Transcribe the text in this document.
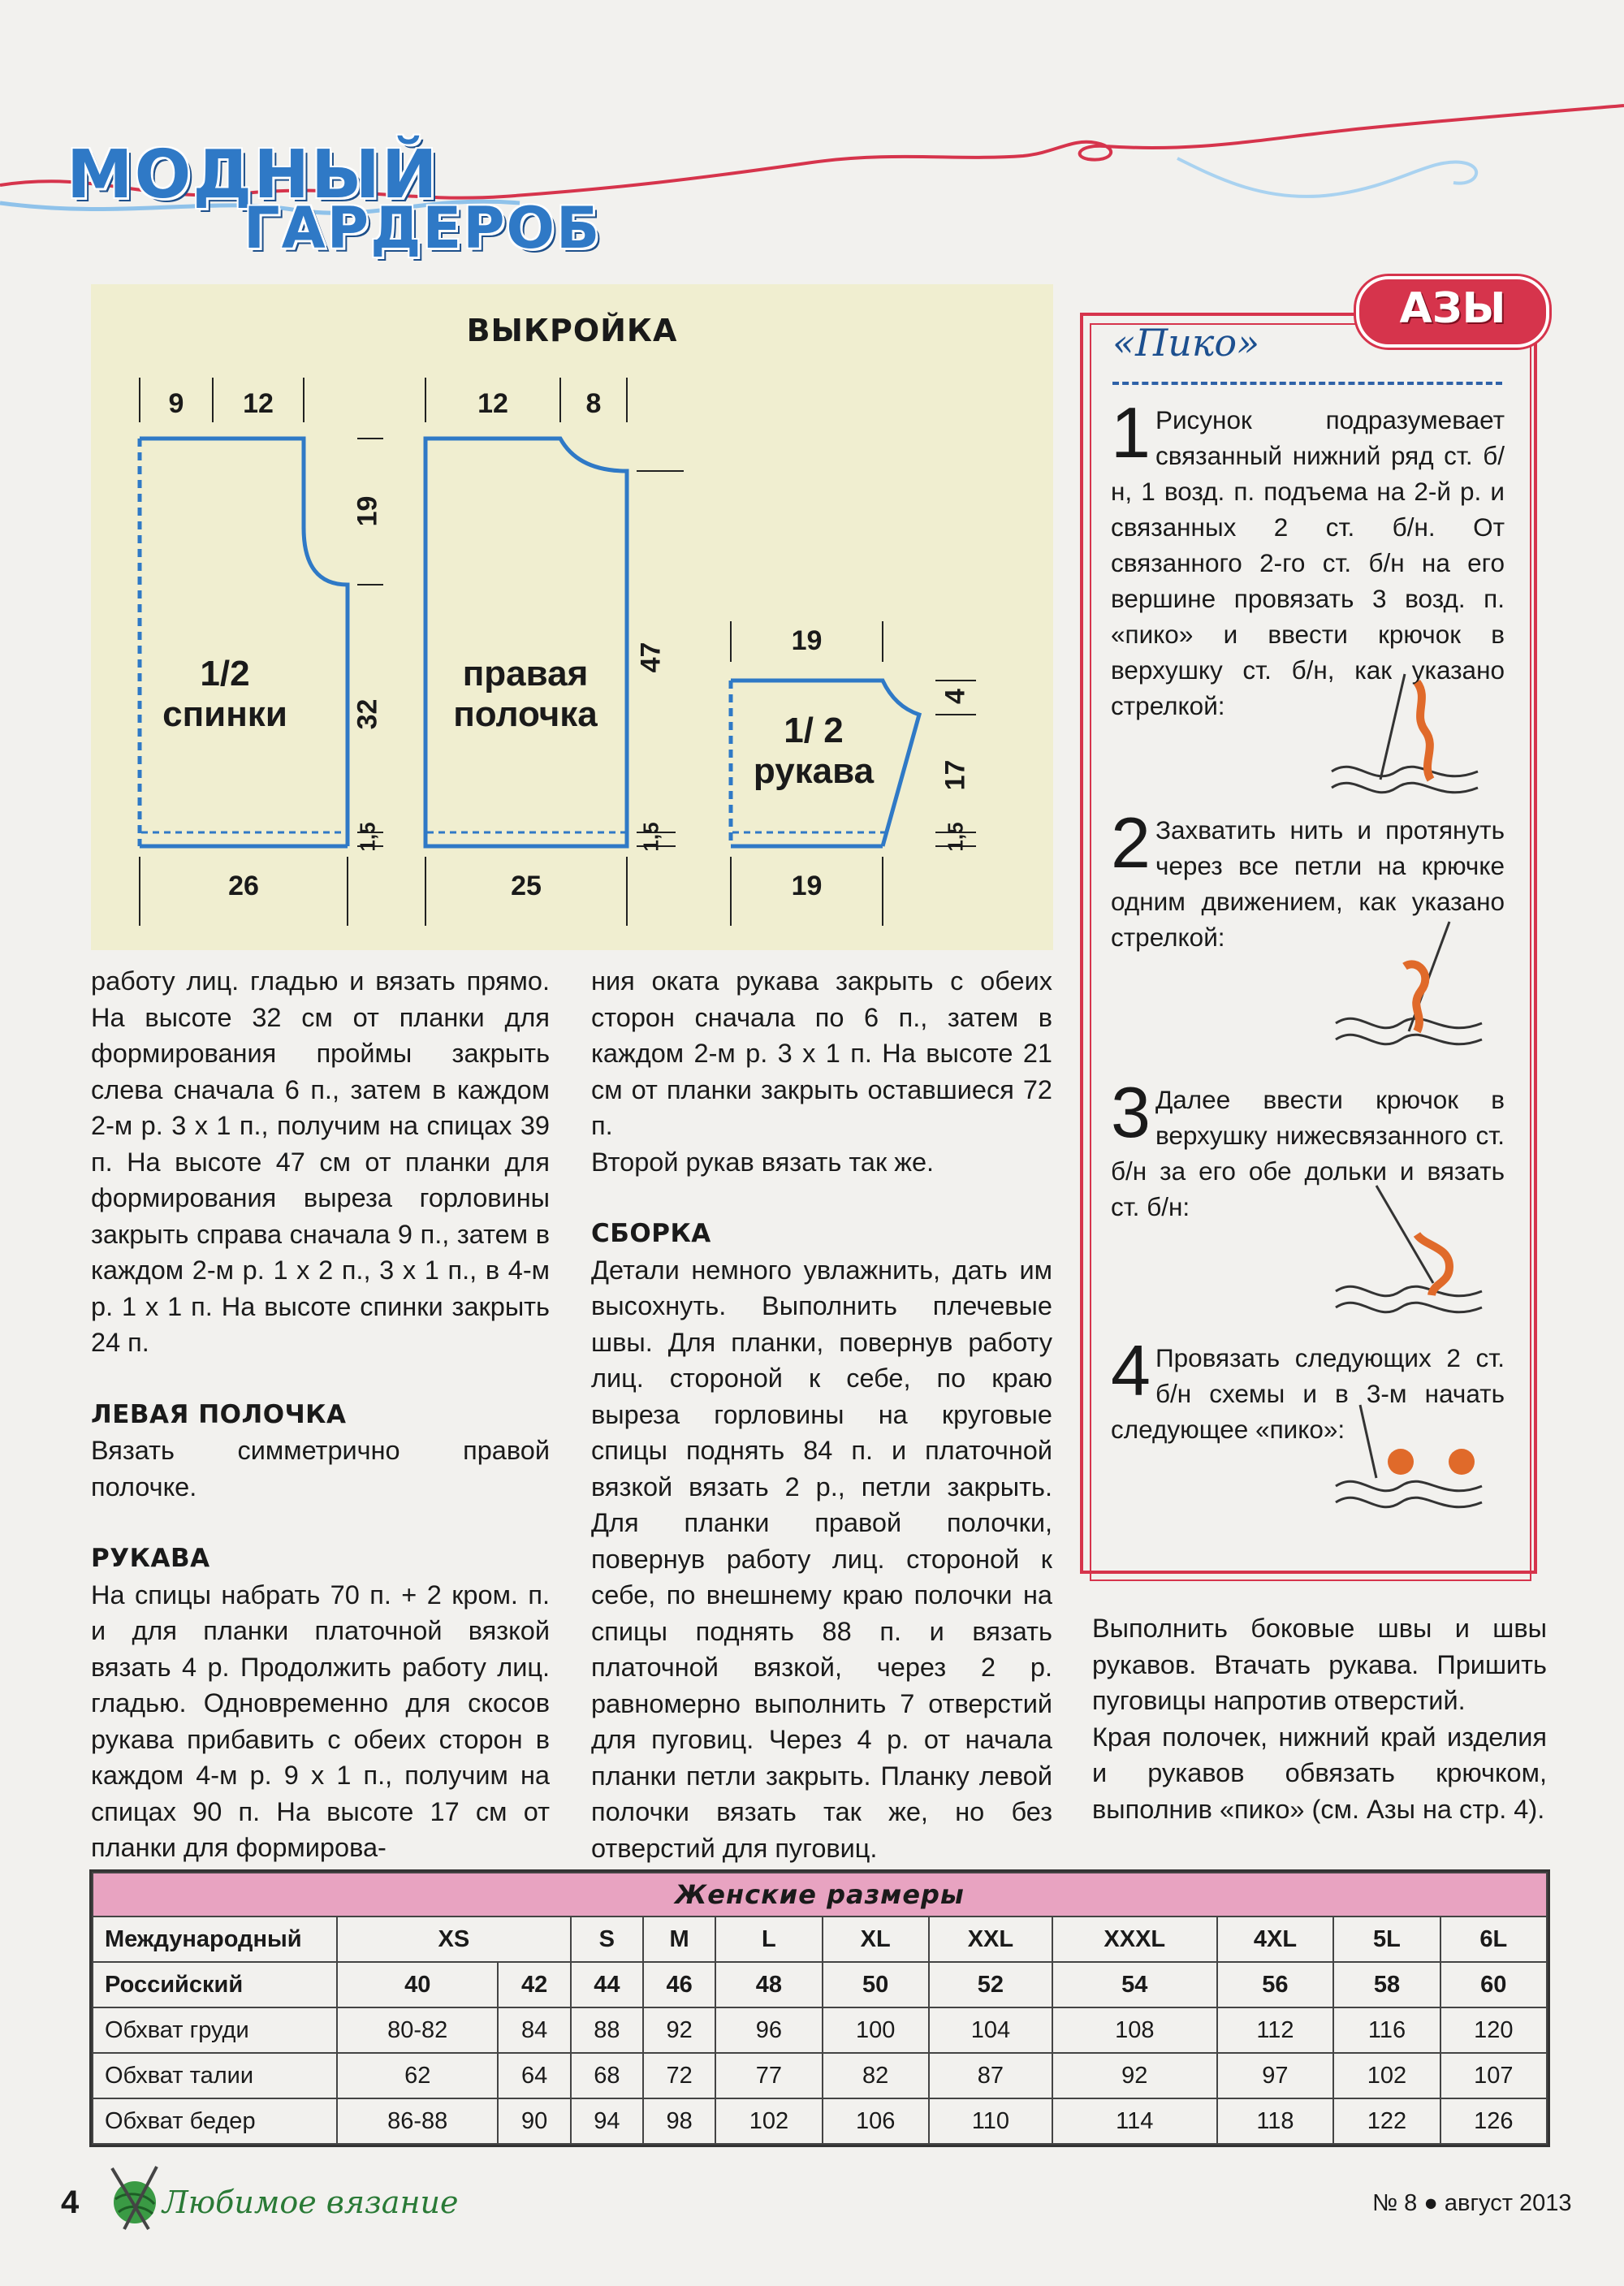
МОДНЫЙ
ГАРДЕРОБ
ВЫКРОЙКА
9	12
19
32
1,5
26
1/2
спинки
12	8
47
1,5
25
правая
полочка
19
4
17
1,5
19
1/ 2
рукава

работу лиц. гладью и вязать прямо. На высоте 32 см от планки для формирования проймы закрыть слева сначала 6 п., затем в каждом 2-м р. 3 х 1 п., получим на спицах 39 п. На высоте 47 см от планки для формирования выреза горловины закрыть справа сначала 9 п., затем в каждом 2-м р. 1 х 2 п., 3 х 1 п., в 4-м р. 1 х 1 п. На высоте спинки закрыть 24 п.

ЛЕВАЯ ПОЛОЧКА

Вязать симметрично правой полочке.

РУКАВА

На спицы набрать 70 п. + 2 кром. п. и для планки платочной вязкой вязать 4 р. Продолжить работу лиц. гладью. Одновременно для скосов рукава прибавить с обеих сторон в каждом 4-м р. 9 х 1 п., получим на спицах 90 п. На высоте 17 см от планки для формирова-

ния оката рукава закрыть с обеих сторон сначала по 6 п., затем в каждом 2-м р. 3 х 1 п. На высоте 21 см от планки закрыть оставшиеся 72 п.

Второй рукав вязать так же.

СБОРКА

Детали немного увлажнить, дать им высохнуть. Выполнить плечевые швы. Для планки, повернув работу лиц. стороной к себе, по краю выреза горловины на круговые спицы поднять 84 п. и платочной вязкой вязать 2 р., петли закрыть. Для планки правой полочки, повернув работу лиц. стороной к себе, по внешнему краю полочки на спицы поднять 88 п. и вязать платочной вязкой, через 2 р. равномерно выполнить 7 отверстий для пуговиц. Через 4 р. от начала планки петли закрыть. Планку левой полочки вязать так же, но без отверстий для пуговиц.

АЗЫ
«Пико»
1 Рисунок подразумевает связанный нижний ряд ст. б/н, 1 возд. п. подъема на 2-й р. и связанных 2 ст. б/н. От связанного 2-го ст. б/н на его вершине провязать 3 возд. п. «пико» и ввести крючок в верхушку ст. б/н, как указано стрелкой:
2 Захватить нить и протянуть через все петли на крючке одним движением, как указано стрелкой:
3 Далее ввести крючок в верхушку нижесвязанного ст. б/н за его обе дольки и вязать ст. б/н:
4 Провязать следующих 2 ст. б/н схемы и в 3-м начать следующее «пико»:

Выполнить боковые швы и швы рукавов. Втачать рукава. Пришить пуговицы напротив отверстий.

Края полочек, нижний край изделия и рукавов обвязать крючком, выполнив «пико» (см. Азы на стр. 4).

Женские размеры											
Международный	XS		S	M	L	XL	XXL	XXXL	4XL	5L	6L
Российский	40	42	44	46	48	50	52	54	56	58	60
Обхват груди	80-82	84	88	92	96	100	104	108	112	116	120
Обхват талии	62	64	68	72	77	82	87	92	97	102	107
Обхват бедер	86-88	90	94	98	102	106	110	114	118	122	126
4	Любимое вязание	№ 8 ● август 2013
